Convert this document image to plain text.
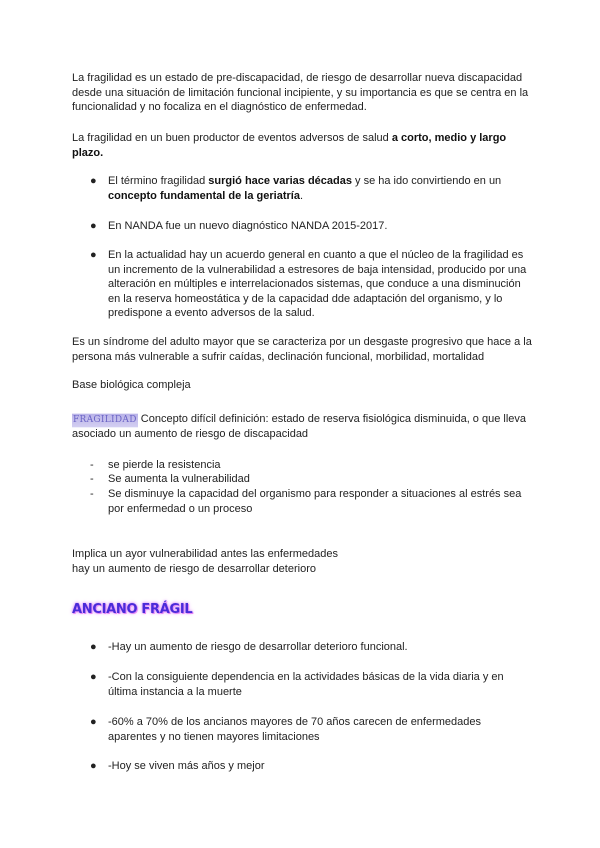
La fragilidad es un estado de pre-discapacidad, de riesgo de desarrollar nueva discapacidad desde una situación de limitación funcional incipiente, y su importancia es que se centra en la funcionalidad y no focaliza en el diagnóstico de enfermedad.

La fragilidad en un buen productor de eventos adversos de salud a corto, medio y largo plazo.

● El término fragilidad surgió hace varias décadas y se ha ido convirtiendo en un concepto fundamental de la geriatría.
● En NANDA fue un nuevo diagnóstico NANDA 2015-2017.
● En la actualidad hay un acuerdo general en cuanto a que el núcleo de la fragilidad es un incremento de la vulnerabilidad a estresores de baja intensidad, producido por una alteración en múltiples e interrelacionados sistemas, que conduce a una disminución en la reserva homeostática y de la capacidad dde adaptación del organismo, y lo predispone a evento adversos de la salud.

Es un síndrome del adulto mayor que se caracteriza por un desgaste progresivo que hace a la persona más vulnerable a sufrir caídas, declinación funcional, morbilidad, mortalidad

Base biológica compleja

FRAGILIDAD Concepto difícil definición: estado de reserva fisiológica disminuida, o que lleva asociado un aumento de riesgo de discapacidad

- se pierde la resistencia
- Se aumenta la vulnerabilidad
- Se disminuye la capacidad del organismo para responder a situaciones al estrés sea por enfermedad o un proceso

Implica un ayor vulnerabilidad antes las enfermedades

hay un aumento de riesgo de desarrollar deterioro

ANCIANO FRÁGIL
● -Hay un aumento de riesgo de desarrollar deterioro funcional.
● -Con la consiguiente dependencia en la actividades básicas de la vida diaria y en última instancia a la muerte
● -60% a 70% de los ancianos mayores de 70 años carecen de enfermedades aparentes y no tienen mayores limitaciones
● -Hoy se viven más años y mejor
